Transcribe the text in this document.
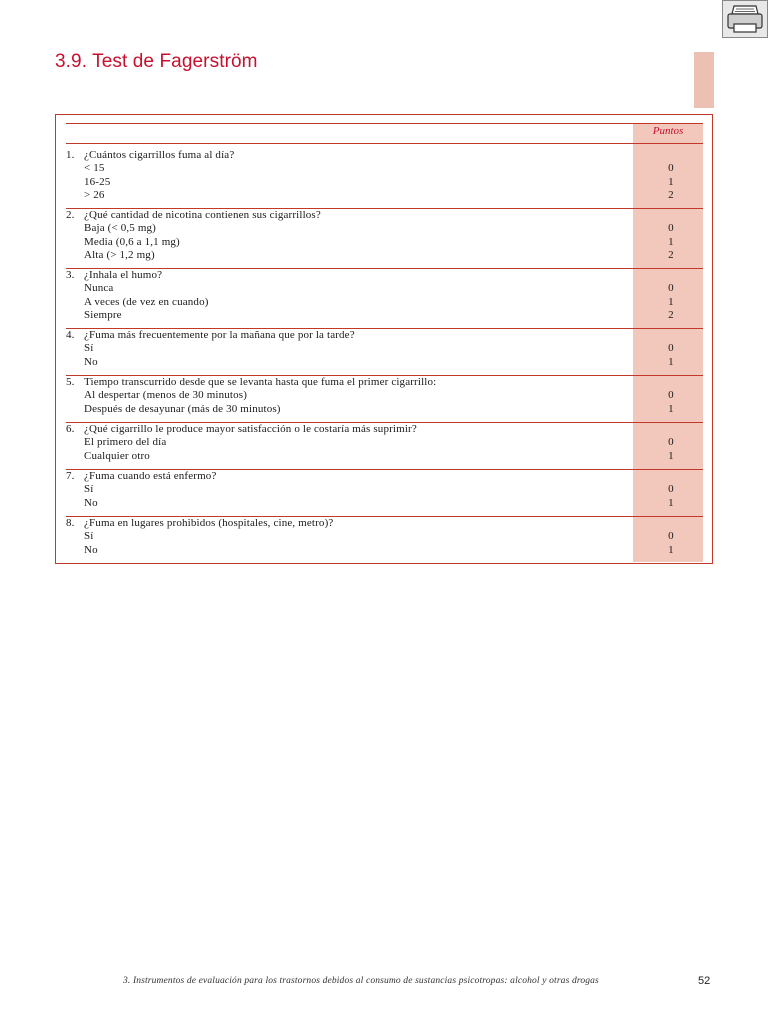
3.9. Test de Fagerström
Puntos
1. ¿Cuántos cigarrillos fuma al día?
< 15	0
16-25	1
> 26	2
2. ¿Qué cantidad de nicotina contienen sus cigarrillos?
Baja (< 0,5 mg)	0
Media (0,6 a 1,1 mg)	1
Alta (> 1,2 mg)	2
3. ¿Inhala el humo?
Nunca	0
A veces (de vez en cuando)	1
Siempre	2
4. ¿Fuma más frecuentemente por la mañana que por la tarde?
Sí	0
No	1
5. Tiempo transcurrido desde que se levanta hasta que fuma el primer cigarrillo:
Al despertar (menos de 30 minutos)	0
Después de desayunar (más de 30 minutos)	1
6. ¿Qué cigarrillo le produce mayor satisfacción o le costaría más suprimir?
El primero del día	0
Cualquier otro	1
7. ¿Fuma cuando está enfermo?
Sí	0
No	1
8. ¿Fuma en lugares prohibidos (hospitales, cine, metro)?
Sí	0
No	1
3. Instrumentos de evaluación para los trastornos debidos al consumo de sustancias psicotropas: alcohol y otras drogas	52
